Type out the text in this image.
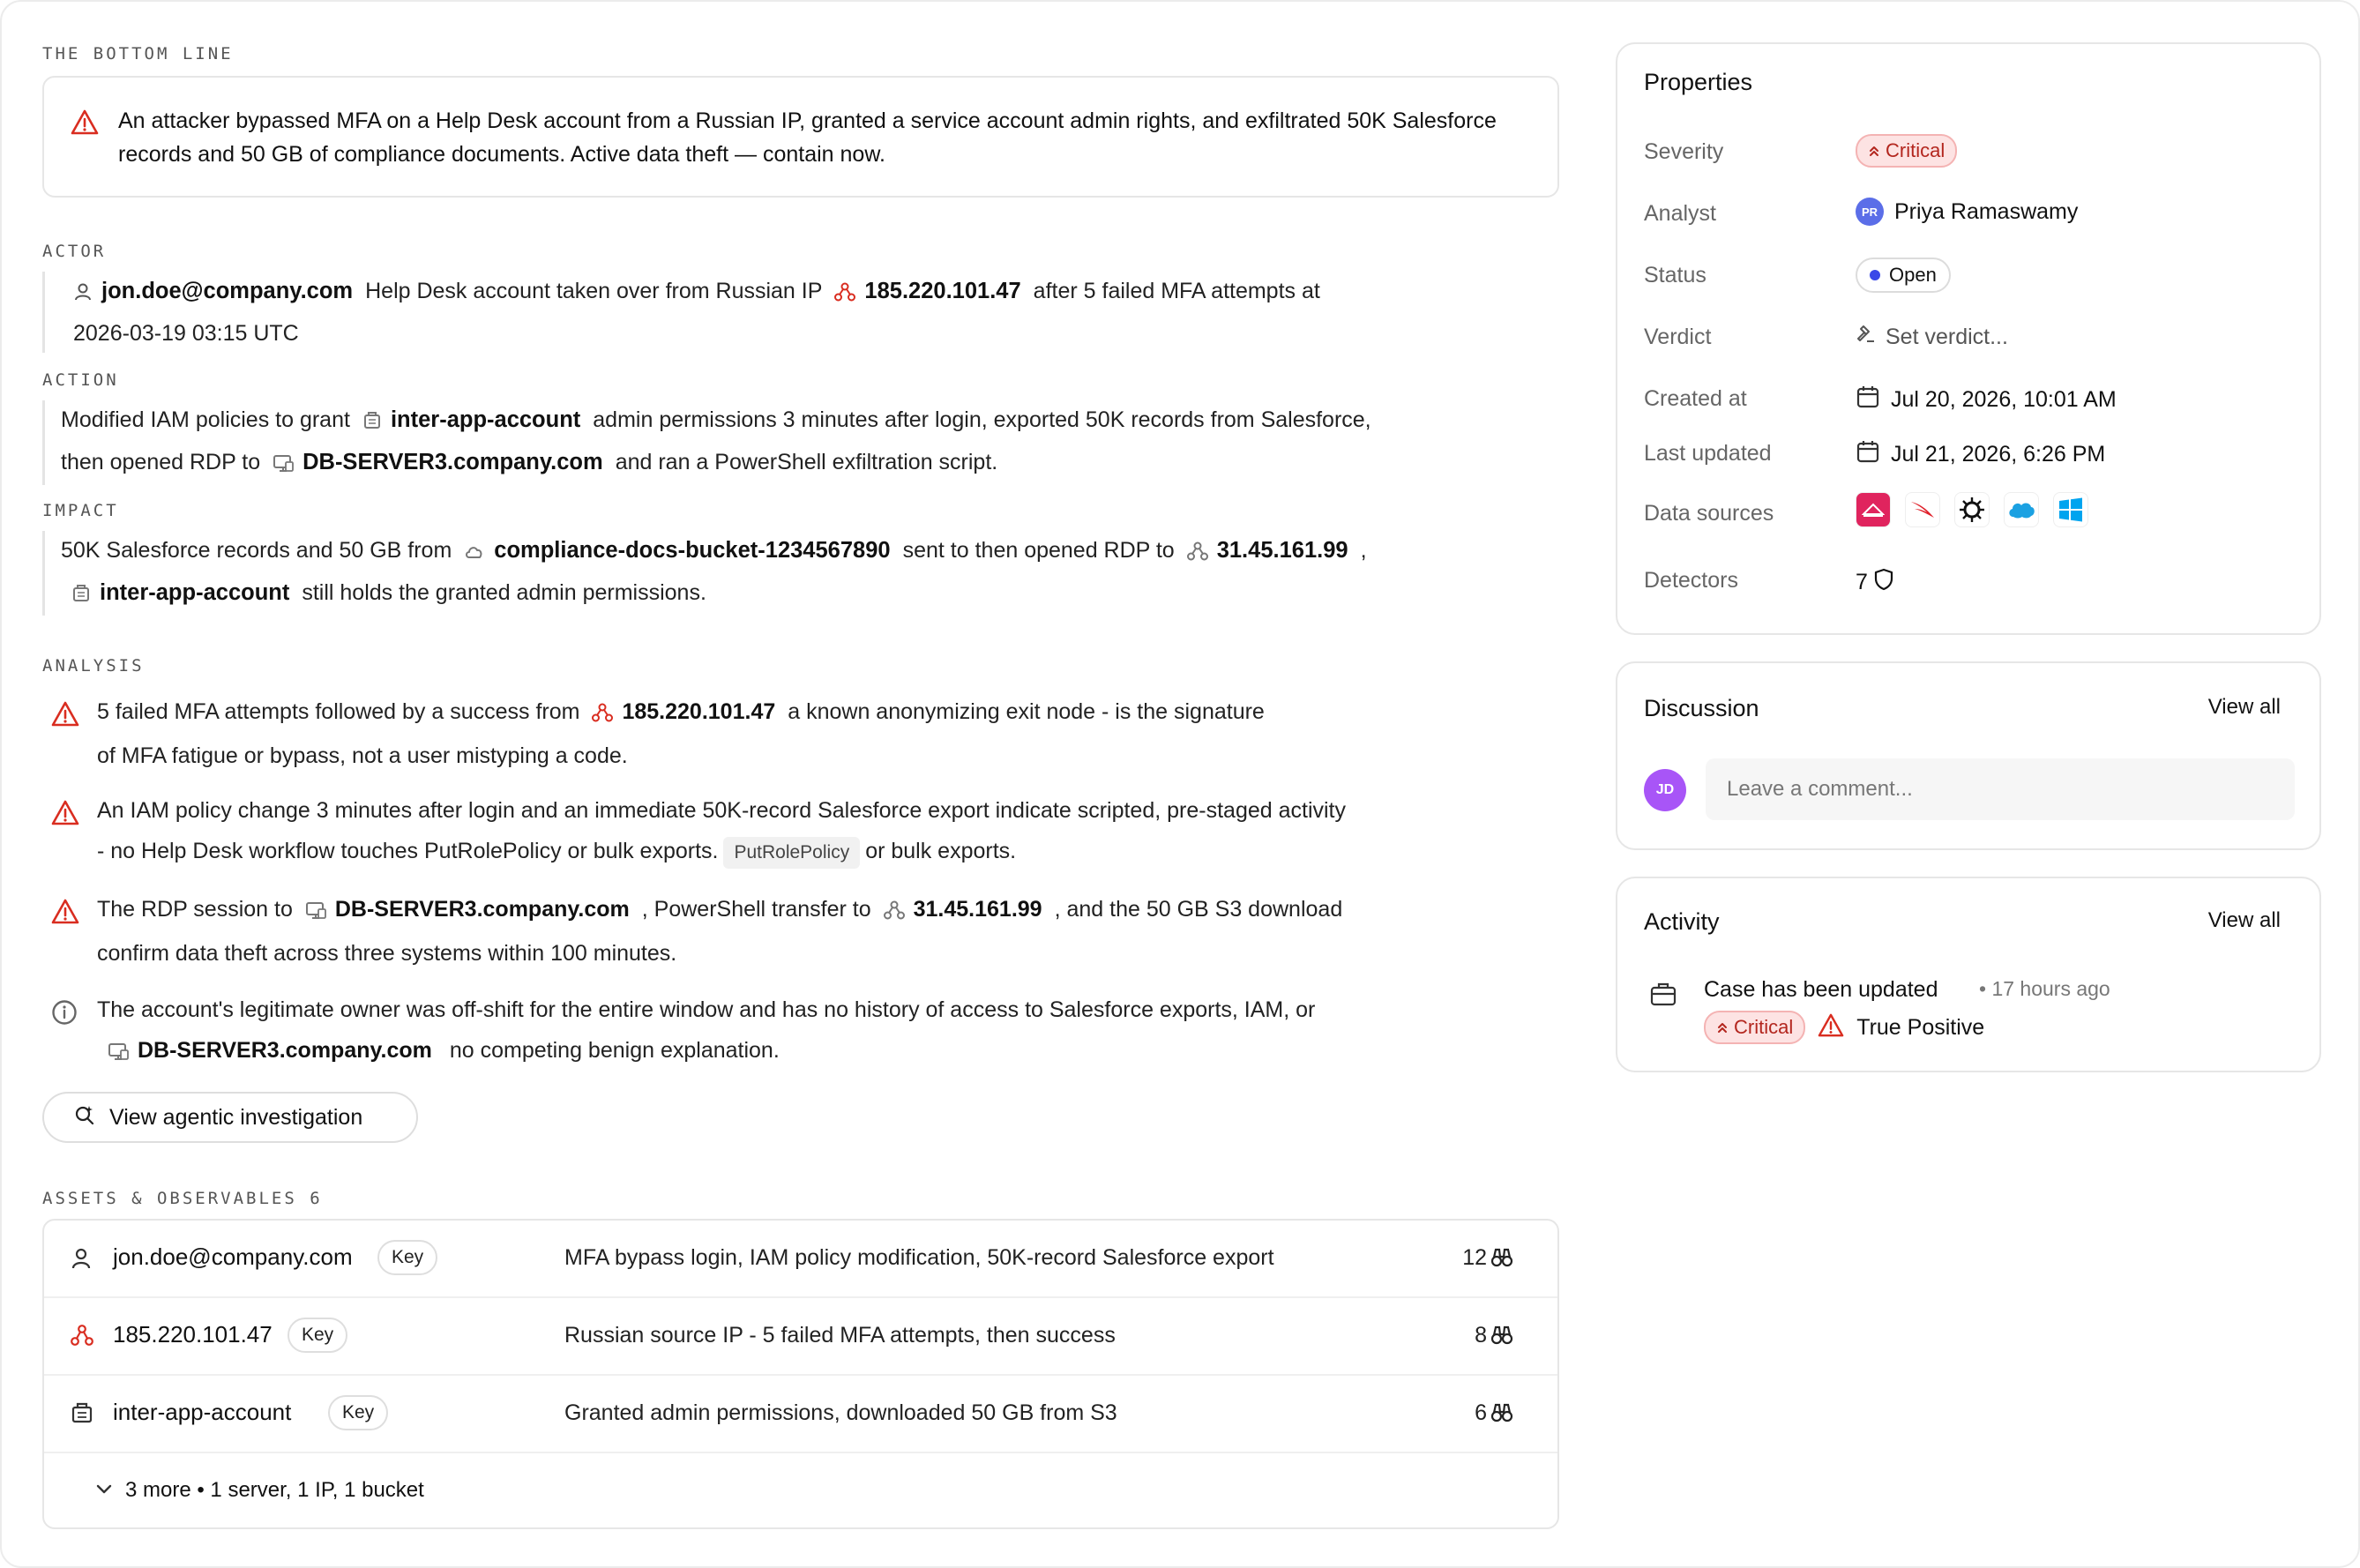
THE BOTTOM LINE
An attacker bypassed MFA on a Help Desk account from a Russian IP, granted a service account admin rights, and exfiltrated 50K Salesforce records and 50 GB of compliance documents. Active data theft — contain now.
ACTOR
jon.doe@company.com Help Desk account taken over from Russian IP 185.220.101.47 after 5 failed MFA attempts at
2026-03-19 03:15 UTC
ACTION
Modified IAM policies to grant inter-app-account admin permissions 3 minutes after login, exported 50K records from Salesforce,
then opened RDP to DB-SERVER3.company.com and ran a PowerShell exfiltration script.
IMPACT
50K Salesforce records and 50 GB from compliance-docs-bucket-1234567890 sent to then opened RDP to 31.45.161.99 ,
inter-app-account still holds the granted admin permissions.
ANALYSIS
5 failed MFA attempts followed by a success from 185.220.101.47 a known anonymizing exit node - is the signature
of MFA fatigue or bypass, not a user mistyping a code.
An IAM policy change 3 minutes after login and an immediate 50K-record Salesforce export indicate scripted, pre-staged activity
- no Help Desk workflow touches PutRolePolicy or bulk exports. PutRolePolicy or bulk exports.
The RDP session to DB-SERVER3.company.com , PowerShell transfer to 31.45.161.99 , and the 50 GB S3 download
confirm data theft across three systems within 100 minutes.
The account's legitimate owner was off-shift for the entire window and has no history of access to Salesforce exports, IAM, or
DB-SERVER3.company.com no competing benign explanation.
View agentic investigation
ASSETS & OBSERVABLES 6
jon.doe@company.com	Key	MFA bypass login, IAM policy modification, 50K-record Salesforce export	12
185.220.101.47	Key	Russian source IP - 5 failed MFA attempts, then success	8
inter-app-account	Key	Granted admin permissions, downloaded 50 GB from S3	6
3 more • 1 server, 1 IP, 1 bucket
Properties
Severity	Critical
Analyst	PR Priya Ramaswamy
Status	Open
Verdict	Set verdict...
Created at	Jul 20, 2026, 10:01 AM
Last updated	Jul 21, 2026, 6:26 PM
Data sources
Detectors	7
Discussion	View all
JD
Leave a comment...
Activity	View all
Case has been updated • 17 hours ago
Critical	True Positive
